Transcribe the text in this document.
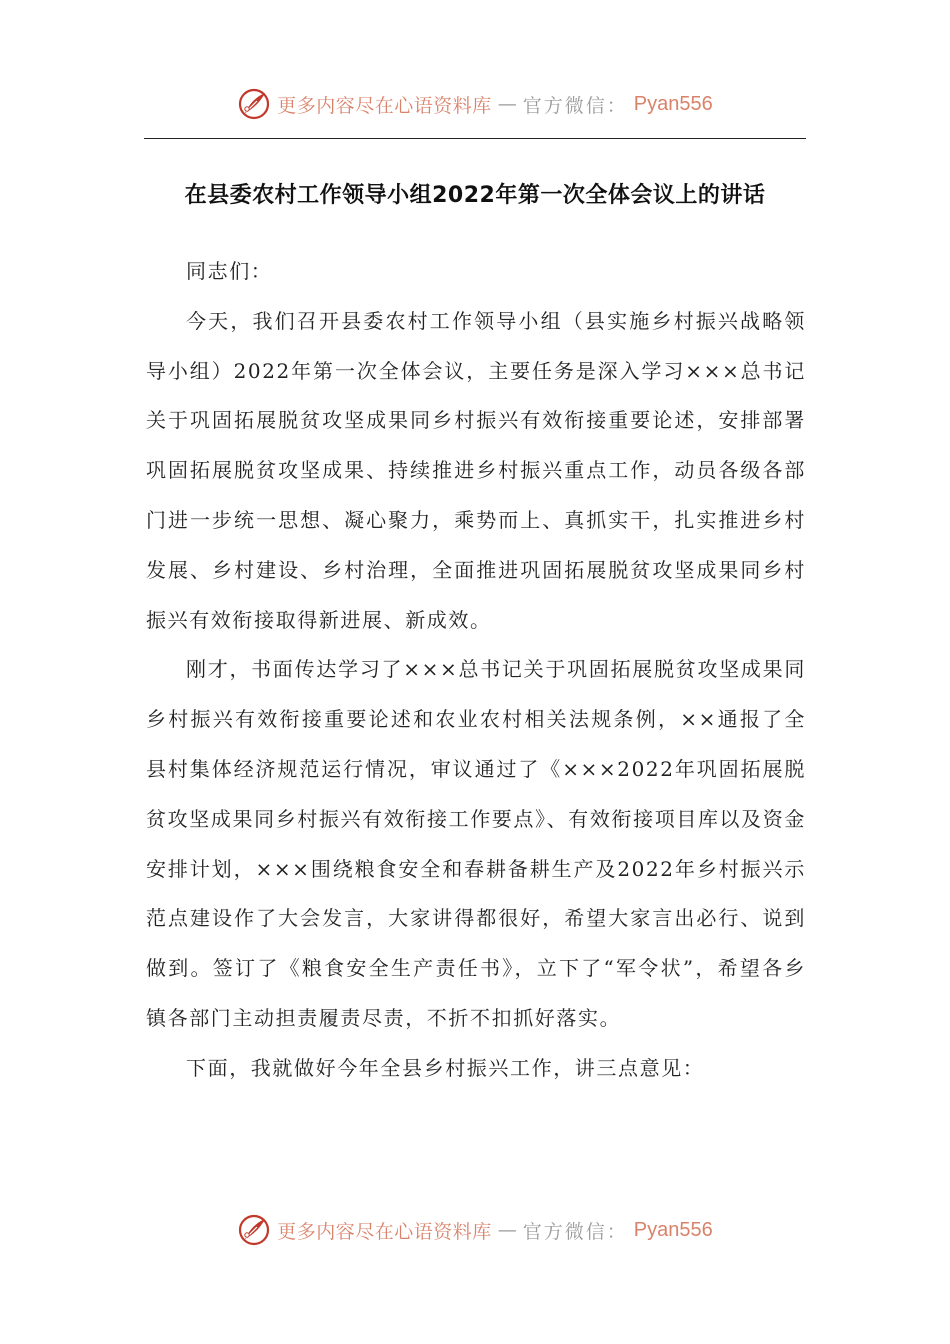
更多内容尽在心语资料库 — 官方微信： Pyan556
在县委农村工作领导小组2022年第一次全体会议上的讲话

同志们：

今天，我们召开县委农村工作领导小组（县实施乡村振兴战略领导小组）2022年第一次全体会议，主要任务是深入学习×××总书记关于巩固拓展脱贫攻坚成果同乡村振兴有效衔接重要论述，安排部署巩固拓展脱贫攻坚成果、持续推进乡村振兴重点工作，动员各级各部门进一步统一思想、凝心聚力，乘势而上、真抓实干，扎实推进乡村发展、乡村建设、乡村治理，全面推进巩固拓展脱贫攻坚成果同乡村振兴有效衔接取得新进展、新成效。

刚才，书面传达学习了×××总书记关于巩固拓展脱贫攻坚成果同乡村振兴有效衔接重要论述和农业农村相关法规条例，××通报了全县村集体经济规范运行情况，审议通过了《×××2022年巩固拓展脱贫攻坚成果同乡村振兴有效衔接工作要点》、有效衔接项目库以及资金安排计划，×××围绕粮食安全和春耕备耕生产及2022年乡村振兴示范点建设作了大会发言，大家讲得都很好，希望大家言出必行、说到做到。签订了《粮食安全生产责任书》，立下了“军令状”，希望各乡镇各部门主动担责履责尽责，不折不扣抓好落实。

下面，我就做好今年全县乡村振兴工作，讲三点意见：

更多内容尽在心语资料库 — 官方微信： Pyan556
